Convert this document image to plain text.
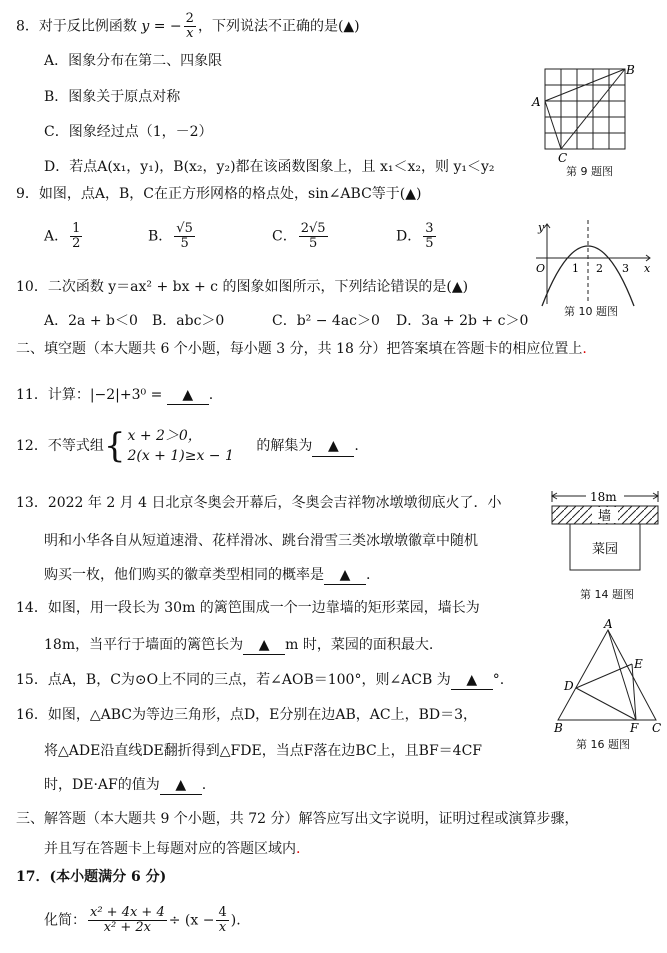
8．对于反比例函数 y = − $\frac{2}{x}$ ，下列说法不正确的是(▲)
A．图象分布在第二、四象限
B．图象关于原点对称
C．图象经过点（1，－2）
D．若点A(x₁，y₁)，B(x₂，y₂)都在该函数图象上，且 x₁＜x₂，则 y₁＜y₂
A
B
C
第 9 题图
9．如图，点A，B，C在正方形网格的格点处，sin∠ABC等于(▲)
A． $\frac{1}{2}$	B． $\frac{√5}{5}$	C． $\frac{2√5}{5}$	D． $\frac{3}{5}$	y
x
O 1 2 3
第 10 题图
10．二次函数 y＝ax² + bx + c 的图象如图所示，下列结论错误的是(▲)
A．2a + b＜0 B．abc＞0	C．b² − 4ac＞0 D．3a + 2b + c＞0
二、填空题（本大题共 6 个小题，每小题 3 分，共 18 分）把答案填在答题卡的相应位置上.
11．计算：|−2|+3⁰ = ▲ .
12．不等式组{ x + 2＞0，
2(x + 1)≥x − 1
的解集为 ▲ .
13．2022 年 2 月 4 日北京冬奥会开幕后，冬奥会吉祥物冰墩墩彻底火了．小
明和小华各自从短道速滑、花样滑冰、跳台滑雪三类冰墩墩徽章中随机
购买一枚，他们购买的徽章类型相同的概率是 ▲ .
18m
墙
菜园
第 14 题图
14．如图，用一段长为 30m 的篱笆围成一个一边靠墙的矩形菜园，墙长为
18m，当平行于墙面的篱笆长为 ▲ m 时，菜园的面积最大.
A
B	C
D
E
F
第 16 题图
15．点A，B，C为⊙O上不同的三点，若∠AOB＝100°，则∠ACB 为 ▲ °.
16．如图，△ABC为等边三角形，点D，E分别在边AB，AC上，BD＝3，
将△ADE沿直线DE翻折得到△FDE，当点F落在边BC上，且BF＝4CF
时，DE·AF的值为 ▲ .
三、解答题（本大题共 9 个小题，共 72 分）解答应写出文字说明，证明过程或演算步骤，
并且写在答题卡上每题对应的答题区域内.
17．(本小题满分 6 分)
化简： $\frac{\text{x² + 4x + 4}}{\text{x² + 2x}} \div (x - \frac{4}{x}$ ).
